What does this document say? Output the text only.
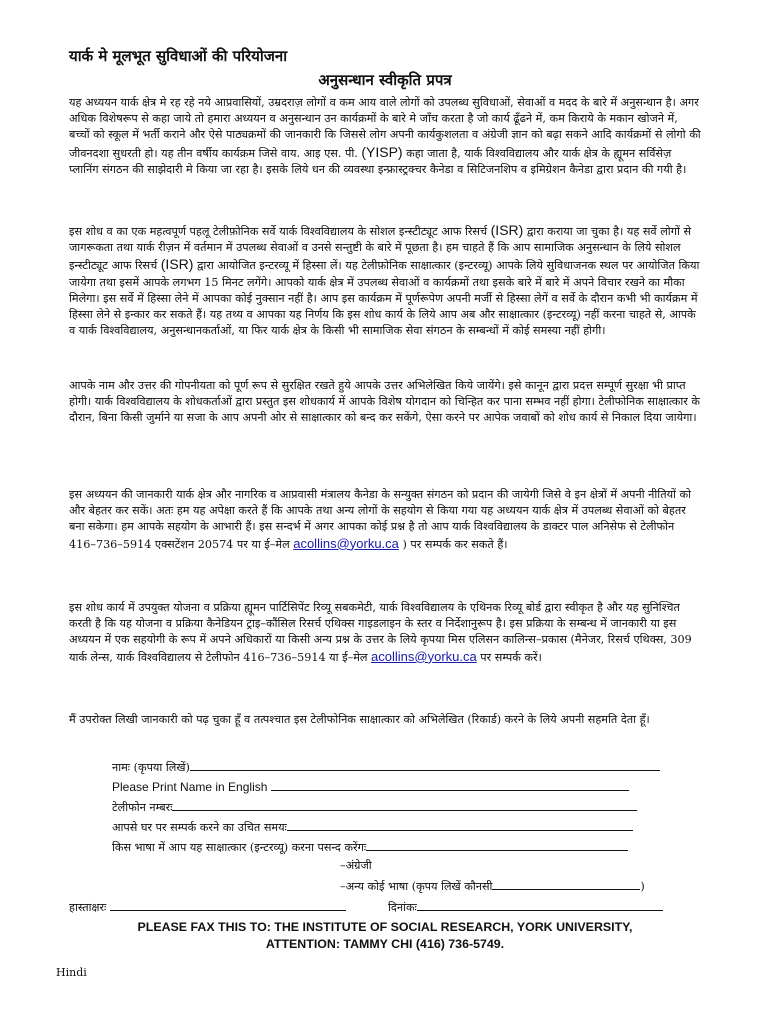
यार्क मे मूलभूत सुविधाओं की परियोजना
अनुसन्धान स्वीकृति प्रपत्र
यह अध्ययन यार्क क्षेत्र मे रह रहे नये आप्रवासियों, उम्रदराज़ लोगों व कम आय वाले लोगों को उपलब्ध सुविधाओं, सेवाओं व मदद के बारे में अनुसन्धान है। अगर अधिक विशेषरूप से कहा जाये तो हमारा अध्ययन व अनुसन्धान उन कार्यक्रमों के बारे मे जाँच करता है जो कार्य ढूँढने में, कम किराये के मकान खोजने में, बच्चों को स्कूल में भर्ती कराने और ऐसे पाठ्यक्रमों की जानकारी कि जिससे लोग अपनी कार्यकुशलता व अंग्रेजी ज्ञान को बढ़ा सकने आदि कार्यक्रमों से लोगो की जीवनदशा सुधरती हो। यह तीन वर्षीय कार्यक्रम जिसे वाय. आइ एस. पी. (YISP) कहा जाता है, यार्क विश्वविद्यालय और यार्क क्षेत्र के ह्यूमन सर्विसेज़ प्लानिंग संगठन की साझेदारी मे किया जा रहा है। इसके लिये धन की व्यवस्था इन्फ्रास्ट्रक्चर कैनेडा व सिटिजनशिप व इमिग्रेशन कैनेडा द्वारा प्रदान की गयी है।
इस शोध व का एक महत्वपूर्ण पहलू टेलीफ़ोनिक सर्वे यार्क विश्वविद्यालय के सोशल इन्स्टीट्यूट आफ रिसर्च (ISR) द्वारा कराया जा चुका है। यह सर्वे लोगों से जागरूकता तथा यार्क रीज़न में वर्तमान में उपलब्ध सेवाओं व उनसे सन्तुष्टी के बारे में पूछता है। हम चाहते हैं कि आप सामाजिक अनुसन्धान के लिये सोशल इन्स्टीट्यूट आफ रिसर्च (ISR) द्वारा आयोजित इन्टरव्यू में हिस्सा लें। यह टेलीफ़ोनिक साक्षात्कार (इन्टरव्यू) आपके लिये सुविधाजनक स्थल पर आयोजित किया जायेगा तथा इसमें आपके लगभग 15 मिनट लगेंगे। आपको यार्क क्षेत्र में उपलब्ध सेवाओं व कार्यक्रमों तथा इसके बारे में बारे में अपने विचार रखने का मौका मिलेगा। इस सर्वे में हिस्सा लेने में आपका कोई नुक्सान नहीं है। आप इस कार्यक्रम में पूर्णरूपेण अपनी मर्जी से हिस्सा लेगें व सर्वे के दौरान कभी भी कार्यक्रम में हिस्सा लेने से इन्कार कर सकते हैं। यह तथ्य व आपका यह निर्णय कि इस शोध कार्य के लिये आप अब और साक्षात्कार (इन्टरव्यू) नहीं करना चाहते से, आपके व यार्क विश्वविद्यालय, अनुसन्धानकर्ताओं, या फिर यार्क क्षेत्र के किसी भी सामाजिक सेवा संगठन के सम्बन्धों में कोई समस्या नहीं होगी।
आपके नाम और उत्तर की गोपनीयता को पूर्ण रूप से सुरक्षित रखते हुये आपके उत्तर अभिलेखित किये जायेंगे। इसे कानून द्वारा प्रदत्त सम्पूर्ण सुरक्षा भी प्राप्त होगी। यार्क विश्वविद्यालय के शोधकर्ताओं द्वारा प्रस्तुत इस शोधकार्य में आपके विशेष योगदान को चिन्हित कर पाना सम्भव नहीं होगा। टेलीफोनिक साक्षात्कार के दौरान, बिना किसी जुर्माने या सजा के आप अपनी ओर से साक्षात्कार को बन्द कर सकेंगे, ऐसा करने पर आपेक जवाबों को शोध कार्य से निकाल दिया जायेगा।
इस अध्ययन की जानकारी यार्क क्षेत्र और नागरिक व आप्रवासी मंत्रालय कैनेडा के सन्युक्त संगठन को प्रदान की जायेगी जिसे वे इन क्षेत्रों में अपनी नीतियों को और बेहतर कर सकें। अतः हम यह अपेक्षा करते हैं कि आपके तथा अन्य लोगों के सहयोग से किया गया यह अध्ययन यार्क क्षेत्र में उपलब्ध सेवाओं को बेहतर बना सकेगा। हम आपके सहयोग के आभारी हैं। इस सन्दर्भ में अगर आपका कोई प्रश्न है तो आप यार्क विश्वविद्यालय के डाक्टर पाल अनिसेफ से टेलीफोन 416–736–5914 एक्सटेंशन 20574 पर या ई–मेल acollins@yorku.ca ) पर सम्पर्क कर सकते हैं।
इस शोध कार्य में उपयुक्त योजना व प्रक्रिया ह्यूमन पार्टिसिपेंट रिव्यू सबकमेटी, यार्क विश्वविद्यालय के एथिनक रिव्यू बोर्ड द्वारा स्वीकृत है और यह सुनिश्चित करती है कि यह योजना व प्रक्रिया कैनेडियन ट्राइ–कौंसिल रिसर्च एथिक्स गाइडलाइन के स्तर व निर्देशानुरूप है। इस प्रक्रिया के सम्बन्ध में जानकारी या इस अध्ययन में एक सहयोगी के रूप में अपने अधिकारों या किसी अन्य प्रश्न के उत्तर के लिये कृपया मिस एलिसन कालिन्स–प्रकास (मैनेजर, रिसर्च एथिक्स, 309 यार्क लेन्स, यार्क विश्वविद्यालय से टेलीफोन 416–736–5914 या ई–मेल acollins@yorku.ca पर सम्पर्क करें।
मैं उपरोक्त लिखी जानकारी को पढ़ चुका हूँ व तत्पश्चात इस टेलीफोनिक साक्षात्कार को अभिलेखित (रिकार्ड) करने के लिये अपनी सहमति देता हूँ।
नामः (कृपया लिखें)
Please Print Name in English
टेलीफोन नम्बरः
आपसे घर पर सम्पर्क करने का उचित समयः
किस भाषा में आप यह साक्षात्कार (इन्टरव्यू) करना पसन्द करेंगः
–अंग्रेजी
–अन्य कोई भाषा (कृपय लिखें कौनसी	)
हास्ताक्षरः	दिनांकः
PLEASE FAX THIS TO: THE INSTITUTE OF SOCIAL RESEARCH, YORK UNIVERSITY,
ATTENTION: TAMMY CHI (416) 736-5749.
Hindi
